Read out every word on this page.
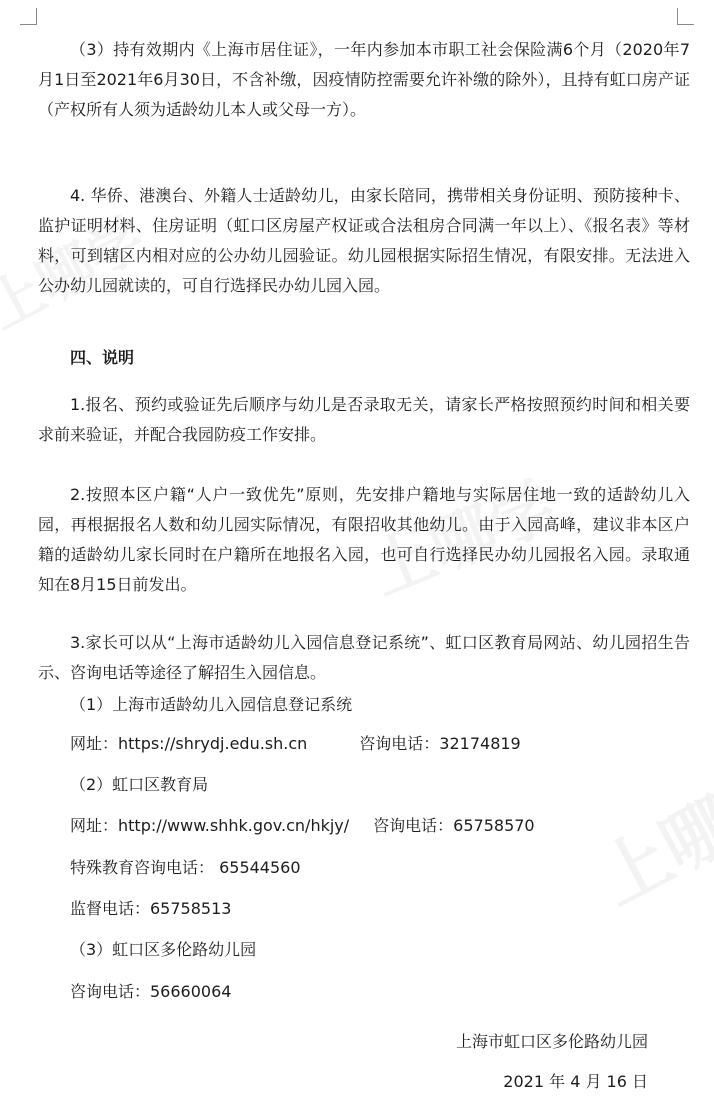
（3）持有效期内《上海市居住证》，一年内参加本市职工社会保险满6个月（2020年7月1日至2021年6月30日，不含补缴，因疫情防控需要允许补缴的除外），且持有虹口房产证（产权所有人须为适龄幼儿本人或父母一方）。

4. 华侨、港澳台、外籍人士适龄幼儿，由家长陪同，携带相关身份证明、预防接种卡、监护证明材料、住房证明（虹口区房屋产权证或合法租房合同满一年以上）、《报名表》等材料，可到辖区内相对应的公办幼儿园验证。幼儿园根据实际招生情况，有限安排。无法进入公办幼儿园就读的，可自行选择民办幼儿园入园。

四、说明

1.报名、预约或验证先后顺序与幼儿是否录取无关，请家长严格按照预约时间和相关要求前来验证，并配合我园防疫工作安排。

2.按照本区户籍“人户一致优先”原则，先安排户籍地与实际居住地一致的适龄幼儿入园，再根据报名人数和幼儿园实际情况，有限招收其他幼儿。由于入园高峰，建议非本区户籍的适龄幼儿家长同时在户籍所在地报名入园，也可自行选择民办幼儿园报名入园。录取通知在8月15日前发出。

3.家长可以从“上海市适龄幼儿入园信息登记系统”、虹口区教育局网站、幼儿园招生告示、咨询电话等途径了解招生入园信息。

（1）上海市适龄幼儿入园信息登记系统
网址：https://shrydj.edu.sh.cn	咨询电话：32174819
（2）虹口区教育局
网址：http://www.shhk.gov.cn/hkjy/ 咨询电话：65758570
特殊教育咨询电话： 65544560
监督电话：65758513
（3）虹口区多伦路幼儿园
咨询电话：56660064
上海市虹口区多伦路幼儿园
2021 年 4 月 16 日
